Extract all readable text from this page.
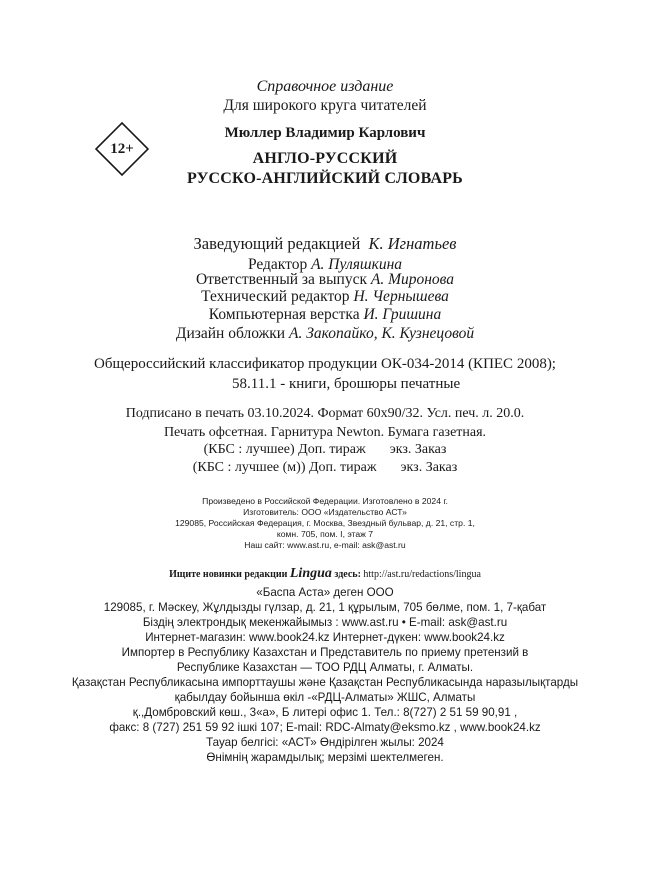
Справочное издание
Для широкого круга читателей
12+
Мюллер Владимир Карлович
АНГЛО-РУССКИЙ
РУССКО-АНГЛИЙСКИЙ СЛОВАРЬ
Заведующий редакцией К. Игнатьев
Редактор А. Пуляшкина
Ответственный за выпуск А. Миронова
Технический редактор Н. Чернышева
Компьютерная верстка И. Гришина
Дизайн обложки А. Закопайко, К. Кузнецовой
Общероссийский классификатор продукции ОК-034-2014 (КПЕС 2008);
58.11.1 - книги, брошюры печатные
Подписано в печать 03.10.2024. Формат 60x90/32. Усл. печ. л. 20.0.
Печать офсетная. Гарнитура Newton. Бумага газетная.
(КБС : лучшее) Доп. тираж экз. Заказ
(КБС : лучшее (м)) Доп. тираж экз. Заказ
Произведено в Российской Федерации. Изготовлено в 2024 г.
Изготовитель: ООО «Издательство АСТ»
129085, Российская Федерация, г. Москва, Звездный бульвар, д. 21, стр. 1,
комн. 705, пом. I, этаж 7
Наш сайт: www.ast.ru, e-mail: ask@ast.ru
Ищите новинки редакции Lingua здесь: http://ast.ru/redactions/lingua
«Баспа Аста» деген ООО
129085, г. Мәскеу, Жұлдызды гүлзар, д. 21, 1 құрылым, 705 бөлме, пом. 1, 7-қабат
Біздің электрондық мекенжайымыз : www.ast.ru • E-mail: ask@ast.ru
Интернет-магазин: www.book24.kz Интернет-дүкен: www.book24.kz
Импортер в Республику Казахстан и Представитель по приему претензий в
Республике Казахстан — ТОО РДЦ Алматы, г. Алматы.
Қазақстан Республикасына импорттаушы және Қазақстан Республикасында наразылықтарды
қабылдау бойынша өкіл -«РДЦ-Алматы» ЖШС, Алматы
қ.,Домбровский көш., 3«а», Б литері офис 1. Тел.: 8(727) 2 51 59 90,91 ,
факс: 8 (727) 251 59 92 ішкі 107; E-mail: RDC-Almaty@eksmo.kz , www.book24.kz
Тауар белгісі: «АСТ» Өндірілген жылы: 2024
Өнімнің жарамдылық; мерзімі шектелмеген.
